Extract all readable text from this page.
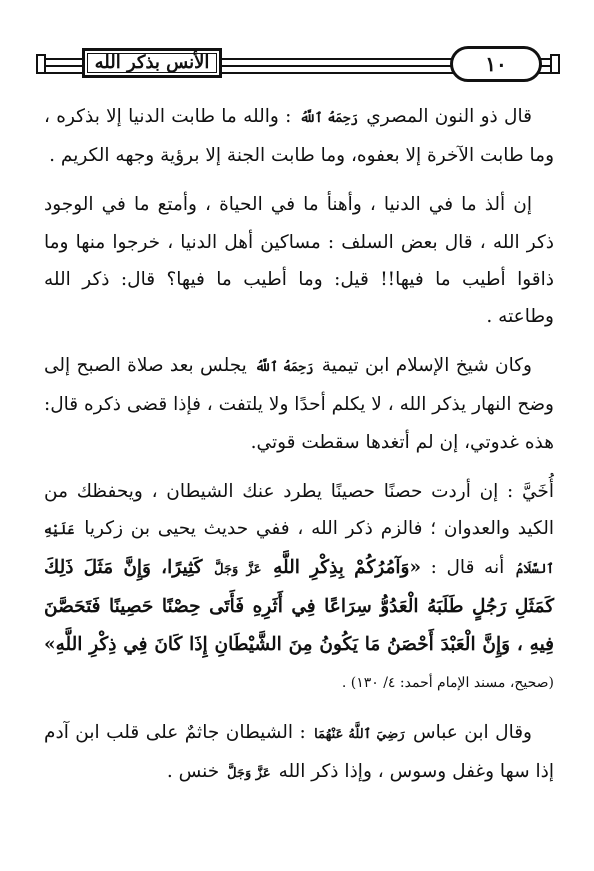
الأنس بذكر الله	١٠

قال ذو النون المصري رَحِمَهُ ٱللَّهُ : والله ما طابت الدنيا إلا بذكره ، وما طابت الآخرة إلا بعفوه، وما طابت الجنة إلا برؤية وجهه الكريم .

إن ألذ ما في الدنيا ، وأهنأ ما في الحياة ، وأمتع ما في الوجود ذكر الله ، قال بعض السلف : مساكين أهل الدنيا ، خرجوا منها وما ذاقوا أطيب ما فيها!! قيل: وما أطيب ما فيها؟ قال: ذكر الله وطاعته .

وكان شيخ الإسلام ابن تيمية رَحِمَهُ ٱللَّهُ يجلس بعد صلاة الصبح إلى وضح النهار يذكر الله ، لا يكلم أحدًا ولا يلتفت ، فإذا قضى ذكره قال: هذه غدوتي، إن لم أتغدها سقطت قوتي.

أُخَيَّ : إن أردت حصنًا حصينًا يطرد عنك الشيطان ، ويحفظك من الكيد والعدوان ؛ فالزم ذكر الله ، ففي حديث يحيى بن زكريا عَلَيْهِ ٱلسَّلَامُ أنه قال : «وَآمُرُكُمْ بِذِكْرِ اللَّهِ عَزَّ وَجَلَّ كَثِيرًا، وَإِنَّ مَثَلَ ذَلِكَ كَمَثَلِ رَجُلٍ طَلَبَهُ الْعَدُوُّ سِرَاعًا فِي أَثَرِهِ فَأَتَى حِصْنًا حَصِينًا فَتَحَصَّنَ فِيهِ ، وَإِنَّ الْعَبْدَ أَحْصَنُ مَا يَكُونُ مِنَ الشَّيْطَانِ إِذَا كَانَ فِي ذِكْرِ اللَّهِ» (صحيح، مسند الإمام أحمد: ٤/ ١٣٠) .

وقال ابن عباس رَضِيَ ٱللَّهُ عَنْهُمَا : الشيطان جاثمٌ على قلب ابن آدم إذا سها وغفل وسوس ، وإذا ذكر الله عَزَّ وَجَلَّ خنس .
